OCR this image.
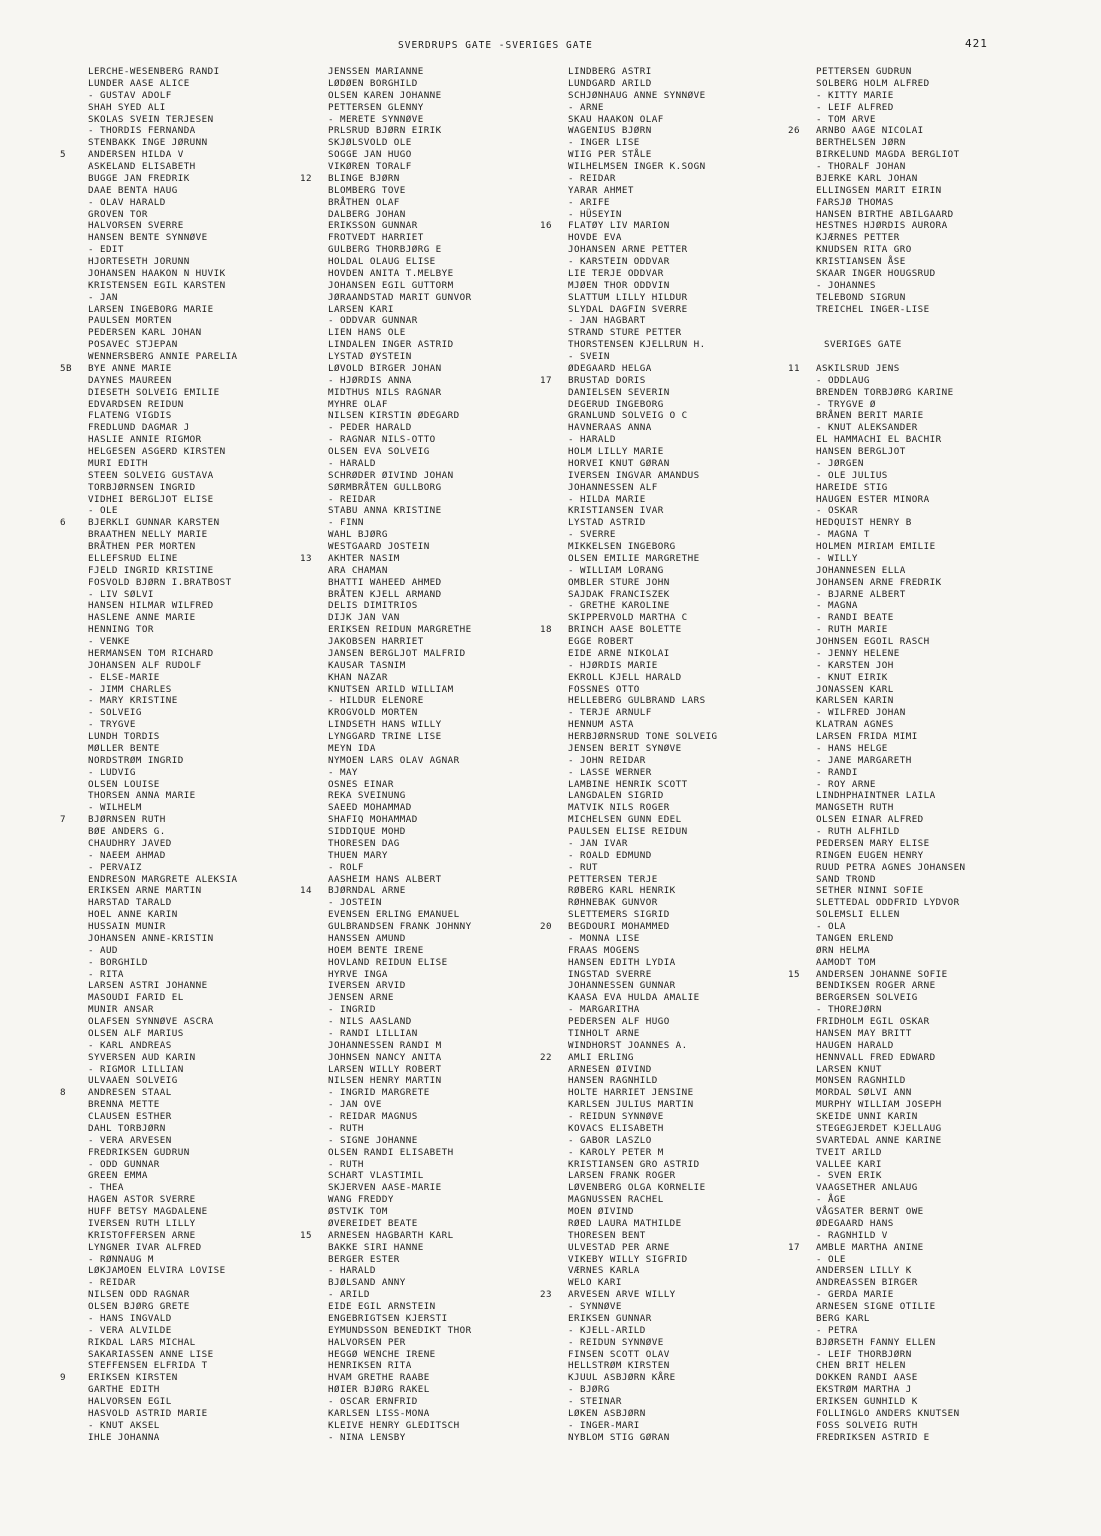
SVERDRUPS GATE -SVERIGES GATE	421
LERCHE-WESENBERG RANDI
LUNDER AASE ALICE
- GUSTAV ADOLF
SHAH SYED ALI
SKOLAS SVEIN TERJESEN
- THORDIS FERNANDA
STENBAKK INGE JØRUNN
5	ANDERSEN HILDA V
ASKELAND ELISABETH
BUGGE JAN FREDRIK
DAAE BENTA HAUG
- OLAV HARALD
GROVEN TOR
HALVORSEN SVERRE
HANSEN BENTE SYNNØVE
- EDIT
HJORTESETH JORUNN
JOHANSEN HAAKON N HUVIK
KRISTENSEN EGIL KARSTEN
- JAN
LARSEN INGEBORG MARIE
PAULSEN MORTEN
PEDERSEN KARL JOHAN
POSAVEC STJEPAN
WENNERSBERG ANNIE PARELIA
5B	BYE ANNE MARIE
DAYNES MAUREEN
DIESETH SOLVEIG EMILIE
EDVARDSEN REIDUN
FLATENG VIGDIS
FREDLUND DAGMAR J
HASLIE ANNIE RIGMOR
HELGESEN ASGERD KIRSTEN
MURI EDITH
STEEN SOLVEIG GUSTAVA
TORBJØRNSEN INGRID
VIDHEI BERGLJOT ELISE
- OLE
6	BJERKLI GUNNAR KARSTEN
BRAATHEN NELLY MARIE
BRÅTHEN PER MORTEN
ELLEFSRUD ELINE
FJELD INGRID KRISTINE
FOSVOLD BJØRN I.BRATBOST
- LIV SØLVI
HANSEN HILMAR WILFRED
HASLENE ANNE MARIE
HENNING TOR
- VENKE
HERMANSEN TOM RICHARD
JOHANSEN ALF RUDOLF
- ELSE-MARIE
- JIMM CHARLES
- MARY KRISTINE
- SOLVEIG
- TRYGVE
LUNDH TORDIS
MØLLER BENTE
NORDSTRØM INGRID
- LUDVIG
OLSEN LOUISE
THORSEN ANNA MARIE
- WILHELM
7	BJØRNSEN RUTH
BØE ANDERS G.
CHAUDHRY JAVED
- NAEEM AHMAD
- PERVAIZ
ENDRESON MARGRETE ALEKSIA
ERIKSEN ARNE MARTIN
HARSTAD TARALD
HOEL ANNE KARIN
HUSSAIN MUNIR
JOHANSEN ANNE-KRISTIN
- AUD
- BORGHILD
- RITA
LARSEN ASTRI JOHANNE
MASOUDI FARID EL
MUNIR ANSAR
OLAFSEN SYNNØVE ASCRA
OLSEN ALF MARIUS
- KARL ANDREAS
SYVERSEN AUD KARIN
- RIGMOR LILLIAN
ULVAAEN SOLVEIG
8	ANDRESEN STAAL
BRENNA METTE
CLAUSEN ESTHER
DAHL TORBJØRN
- VERA ARVESEN
FREDRIKSEN GUDRUN
- ODD GUNNAR
GREEN EMMA
- THEA
HAGEN ASTOR SVERRE
HUFF BETSY MAGDALENE
IVERSEN RUTH LILLY
KRISTOFFERSEN ARNE
LYNGNER IVAR ALFRED
- RØNNAUG M
LØKJAMOEN ELVIRA LOVISE
- REIDAR
NILSEN ODD RAGNAR
OLSEN BJØRG GRETE
- HANS INGVALD
- VERA ALVILDE
RIKDAL LARS MICHAL
SAKARIASSEN ANNE LISE
STEFFENSEN ELFRIDA T
9	ERIKSEN KIRSTEN
GARTHE EDITH
HALVORSEN EGIL
HASVOLD ASTRID MARIE
- KNUT AKSEL
IHLE JOHANNA
JENSSEN MARIANNE
LØDØEN BORGHILD
OLSEN KAREN JOHANNE
PETTERSEN GLENNY
- MERETE SYNNØVE
PRLSRUD BJØRN EIRIK
SKJØLSVOLD OLE
SOGGE JAN HUGO
VIKØREN TORALF
12	BLINGE BJØRN
BLOMBERG TOVE
BRÅTHEN OLAF
DALBERG JOHAN
ERIKSSON GUNNAR
FROTVEDT HARRIET
GULBERG THORBJØRG E
HOLDAL OLAUG ELISE
HOVDEN ANITA T.MELBYE
JOHANSEN EGIL GUTTORM
JØRAANDSTAD MARIT GUNVOR
LARSEN KARI
- ODDVAR GUNNAR
LIEN HANS OLE
LINDALEN INGER ASTRID
LYSTAD ØYSTEIN
LØVOLD BIRGER JOHAN
- HJØRDIS ANNA
MIDTHUS NILS RAGNAR
MYHRE OLAF
NILSEN KIRSTIN ØDEGARD
- PEDER HARALD
- RAGNAR NILS-OTTO
OLSEN EVA SOLVEIG
- HARALD
SCHRØDER ØIVIND JOHAN
SØRMBRÅTEN GULLBORG
- REIDAR
STABU ANNA KRISTINE
- FINN
WAHL BJØRG
WESTGAARD JOSTEIN
13	AKHTER NASIM
ARA CHAMAN
BHATTI WAHEED AHMED
BRÅTEN KJELL ARMAND
DELIS DIMITRIOS
DIJK JAN VAN
ERIKSEN REIDUN MARGRETHE
JAKOBSEN HARRIET
JANSEN BERGLJOT MALFRID
KAUSAR TASNIM
KHAN NAZAR
KNUTSEN ARILD WILLIAM
- HILDUR ELENORE
KROGVOLD MORTEN
LINDSETH HANS WILLY
LYNGGARD TRINE LISE
MEYN IDA
NYMOEN LARS OLAV AGNAR
- MAY
OSNES EINAR
REKA SVEINUNG
SAEED MOHAMMAD
SHAFIQ MOHAMMAD
SIDDIQUE MOHD
THORESEN DAG
THUEN MARY
- ROLF
AASHEIM HANS ALBERT
14	BJØRNDAL ARNE
- JOSTEIN
EVENSEN ERLING EMANUEL
GULBRANDSEN FRANK JOHNNY
HANSSEN AMUND
HOEM BENTE IRENE
HOVLAND REIDUN ELISE
HYRVE INGA
IVERSEN ARVID
JENSEN ARNE
- INGRID
- NILS AASLAND
- RANDI LILLIAN
JOHANNESSEN RANDI M
JOHNSEN NANCY ANITA
LARSEN WILLY ROBERT
NILSEN HENRY MARTIN
- INGRID MARGRETE
- JAN OVE
- REIDAR MAGNUS
- RUTH
- SIGNE JOHANNE
OLSEN RANDI ELISABETH
- RUTH
SCHART VLASTIMIL
SKJERVEN AASE-MARIE
WANG FREDDY
ØSTVIK TOM
ØVEREIDET BEATE
15	ARNESEN HAGBARTH KARL
BAKKE SIRI HANNE
BERGER ESTER
- HARALD
BJØLSAND ANNY
- ARILD
EIDE EGIL ARNSTEIN
ENGEBRIGTSEN KJERSTI
EYMUNDSSON BENEDIKT THOR
HALVORSEN PER
HEGGØ WENCHE IRENE
HENRIKSEN RITA
HVAM GRETHE RAABE
HØIER BJØRG RAKEL
- OSCAR ERNFRID
KARLSEN LISS-MONA
KLEIVE HENRY GLEDITSCH
- NINA LENSBY
LINDBERG ASTRI
LUNDGARD ARILD
SCHJØNHAUG ANNE SYNNØVE
- ARNE
SKAU HAAKON OLAF
WAGENIUS BJØRN
- INGER LISE
WIIG PER STÅLE
WILHELMSEN INGER K.SOGN
- REIDAR
YARAR AHMET
- ARIFE
- HÜSEYIN
16	FLATØY LIV MARION
HOVDE EVA
JOHANSEN ARNE PETTER
- KARSTEIN ODDVAR
LIE TERJE ODDVAR
MJØEN THOR ODDVIN
SLATTUM LILLY HILDUR
SLYDAL DAGFIN SVERRE
- JAN HAGBART
STRAND STURE PETTER
THORSTENSEN KJELLRUN H.
- SVEIN
ØDEGAARD HELGA
17	BRUSTAD DORIS
DANIELSEN SEVERIN
DEGERUD INGEBORG
GRANLUND SOLVEIG O C
HAVNERAAS ANNA
- HARALD
HOLM LILLY MARIE
HORVEI KNUT GØRAN
IVERSEN INGVAR AMANDUS
JOHANNESSEN ALF
- HILDA MARIE
KRISTIANSEN IVAR
LYSTAD ASTRID
- SVERRE
MIKKELSEN INGEBORG
OLSEN EMILIE MARGRETHE
- WILLIAM LORANG
OMBLER STURE JOHN
SAJDAK FRANCISZEK
- GRETHE KAROLINE
SKIPPERVOLD MARTHA C
18	BRINCH AASE BOLETTE
EGGE ROBERT
EIDE ARNE NIKOLAI
- HJØRDIS MARIE
EKROLL KJELL HARALD
FOSSNES OTTO
HELLEBERG GULBRAND LARS
- TERJE ARNULF
HENNUM ASTA
HERBJØRNSRUD TONE SOLVEIG
JENSEN BERIT SYNØVE
- JOHN REIDAR
- LASSE WERNER
LAMBINE HENRIK SCOTT
LANGDALEN SIGRID
MATVIK NILS ROGER
MICHELSEN GUNN EDEL
PAULSEN ELISE REIDUN
- JAN IVAR
- ROALD EDMUND
- RUT
PETTERSEN TERJE
RØBERG KARL HENRIK
RØHNEBAK GUNVOR
SLETTEMERS SIGRID
20	BEGDOURI MOHAMMED
- MONNA LISE
FRAAS MOGENS
HANSEN EDITH LYDIA
INGSTAD SVERRE
JOHANNESSEN GUNNAR
KAASA EVA HULDA AMALIE
- MARGARITHA
PEDERSEN ALF HUGO
TINHOLT ARNE
WINDHORST JOANNES A.
22	AMLI ERLING
ARNESEN ØIVIND
HANSEN RAGNHILD
HOLTE HARRIET JENSINE
KARLSEN JULIUS MARTIN
- REIDUN SYNNØVE
KOVACS ELISABETH
- GABOR LASZLO
- KAROLY PETER M
KRISTIANSEN GRO ASTRID
LARSEN FRANK ROGER
LØVENBERG OLGA KORNELIE
MAGNUSSEN RACHEL
MOEN ØIVIND
RØED LAURA MATHILDE
THORESEN BENT
ULVESTAD PER ARNE
VIKEBY WILLY SIGFRID
VÆRNES KARLA
WELO KARI
23	ARVESEN ARVE WILLY
- SYNNØVE
ERIKSEN GUNNAR
- KJELL-ARILD
- REIDUN SYNNØVE
FINSEN SCOTT OLAV
HELLSTRØM KIRSTEN
KJUUL ASBJØRN KÅRE
- BJØRG
- STEINAR
LØKEN ASBJØRN
- INGER-MARI
NYBLOM STIG GØRAN
PETTERSEN GUDRUN
SOLBERG HOLM ALFRED
- KITTY MARIE
- LEIF ALFRED
- TOM ARVE
26	ARNBO AAGE NICOLAI
BERTHELSEN JØRN
BIRKELUND MAGDA BERGLIOT
- THORALF JOHAN
BJERKE KARL JOHAN
ELLINGSEN MARIT EIRIN
FARSJØ THOMAS
HANSEN BIRTHE ABILGAARD
HESTNES HJØRDIS AURORA
KJÆRNES PETTER
KNUDSEN RITA GRO
KRISTIANSEN ÅSE
SKAAR INGER HOUGSRUD
- JOHANNES
TELEBOND SIGRUN
TREICHEL INGER-LISE
SVERIGES GATE
11	ASKILSRUD JENS
- ODDLAUG
BRENDEN TORBJØRG KARINE
- TRYGVE Ø
BRÅNEN BERIT MARIE
- KNUT ALEKSANDER
EL HAMMACHI EL BACHIR
HANSEN BERGLJOT
- JØRGEN
- OLE JULIUS
HAREIDE STIG
HAUGEN ESTER MINORA
- OSKAR
HEDQUIST HENRY B
- MAGNA T
HOLMEN MIRIAM EMILIE
- WILLY
JOHANNESEN ELLA
JOHANSEN ARNE FREDRIK
- BJARNE ALBERT
- MAGNA
- RANDI BEATE
- RUTH MARIE
JOHNSEN EGOIL RASCH
- JENNY HELENE
- KARSTEN JOH
- KNUT EIRIK
JONASSEN KARL
KARLSEN KARIN
- WILFRED JOHAN
KLATRAN AGNES
LARSEN FRIDA MIMI
- HANS HELGE
- JANE MARGARETH
- RANDI
- ROY ARNE
LINDHPHAINTNER LAILA
MANGSETH RUTH
OLSEN EINAR ALFRED
- RUTH ALFHILD
PEDERSEN MARY ELISE
RINGEN EUGEN HENRY
RUUD PETRA AGNES JOHANSEN
SAND TROND
SETHER NINNI SOFIE
SLETTEDAL ODDFRID LYDVOR
SOLEMSLI ELLEN
- OLA
TANGEN ERLEND
ØRN HELMA
AAMODT TOM
15	ANDERSEN JOHANNE SOFIE
BENDIKSEN ROGER ARNE
BERGERSEN SOLVEIG
- THOREJØRN
FRIDHOLM EGIL OSKAR
HANSEN MAY BRITT
HAUGEN HARALD
HENNVALL FRED EDWARD
LARSEN KNUT
MONSEN RAGNHILD
MORDAL SØLVI ANN
MURPHY WILLIAM JOSEPH
SKEIDE UNNI KARIN
STEGEGJERDET KJELLAUG
SVARTEDAL ANNE KARINE
TVEIT ARILD
VALLEE KARI
- SVEN ERIK
VAAGSETHER ANLAUG
- ÅGE
VÅGSATER BERNT OWE
ØDEGAARD HANS
- RAGNHILD V
17	AMBLE MARTHA ANINE
- OLE
ANDERSEN LILLY K
ANDREASSEN BIRGER
- GERDA MARIE
ARNESEN SIGNE OTILIE
BERG KARL
- PETRA
BJØRSETH FANNY ELLEN
- LEIF THORBJØRN
CHEN BRIT HELEN
DOKKEN RANDI AASE
EKSTRØM MARTHA J
ERIKSEN GUNHILD K
FOLLINGLO ANDERS KNUTSEN
FOSS SOLVEIG RUTH
FREDRIKSEN ASTRID E
